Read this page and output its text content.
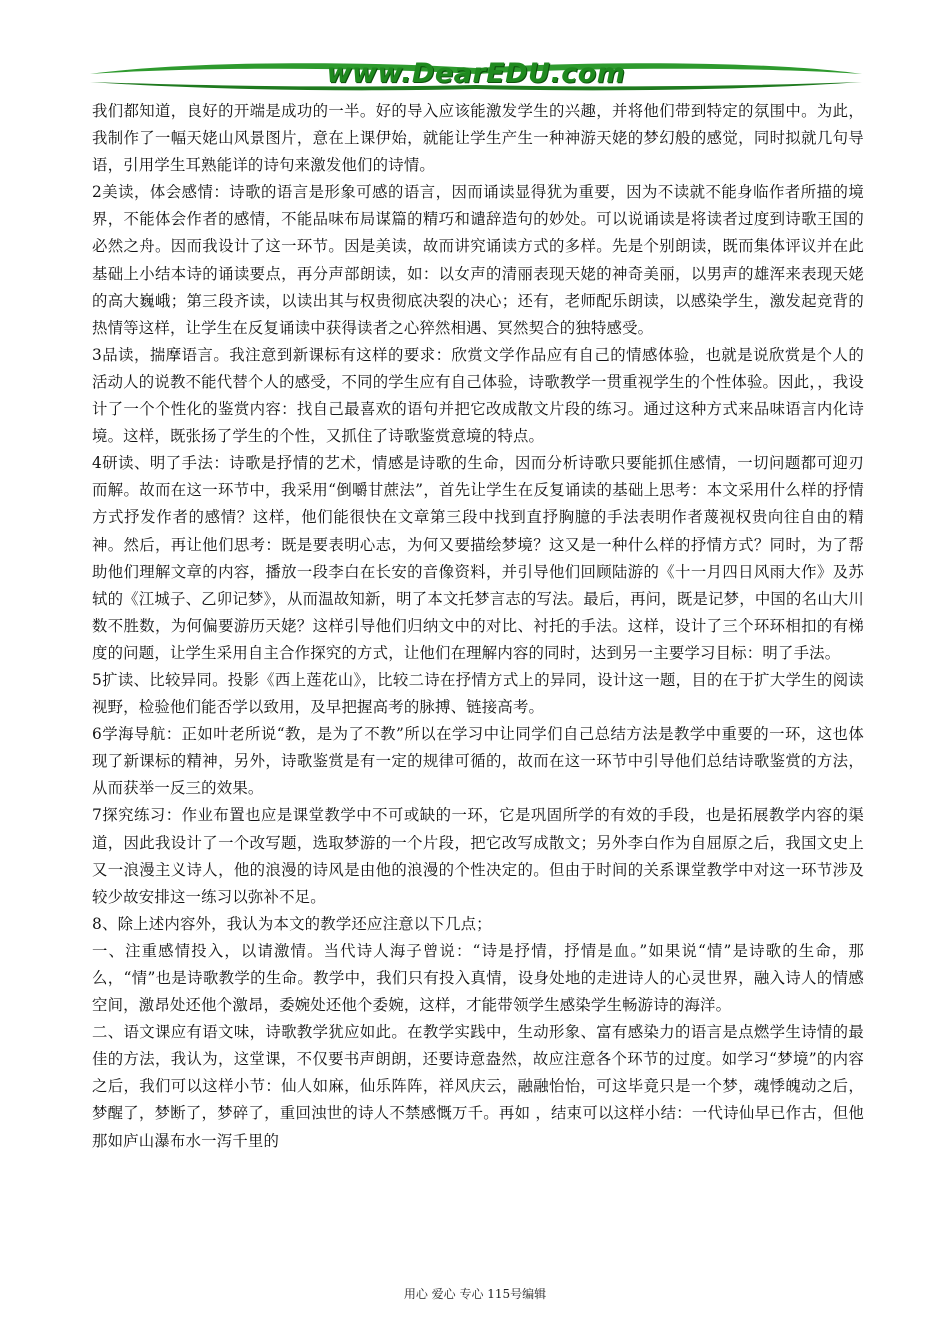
www.DearEDU.com

我们都知道，良好的开端是成功的一半。好的导入应该能激发学生的兴趣，并将他们带到特定的氛围中。为此，我制作了一幅天姥山风景图片，意在上课伊始，就能让学生产生一种神游天姥的梦幻般的感觉，同时拟就几句导语，引用学生耳熟能详的诗句来激发他们的诗情。

2美读，体会感情：诗歌的语言是形象可感的语言，因而诵读显得犹为重要，因为不读就不能身临作者所描的境界，不能体会作者的感情，不能品味布局谋篇的精巧和谴辞造句的妙处。可以说诵读是将读者过度到诗歌王国的必然之舟。因而我设计了这一环节。因是美读，故而讲究诵读方式的多样。先是个别朗读，既而集体评议并在此基础上小结本诗的诵读要点，再分声部朗读，如：以女声的清丽表现天姥的神奇美丽，以男声的雄浑来表现天姥的高大巍峨；第三段齐读，以读出其与权贵彻底决裂的决心；还有，老师配乐朗读，以感染学生，激发起竞背的热情等这样，让学生在反复诵读中获得读者之心猝然相遇、冥然契合的独特感受。

3品读，揣摩语言。我注意到新课标有这样的要求：欣赏文学作品应有自己的情感体验，也就是说欣赏是个人的活动人的说教不能代替个人的感受，不同的学生应有自己体验，诗歌教学一贯重视学生的个性体验。因此，，我设计了一个个性化的鉴赏内容：找自己最喜欢的语句并把它改成散文片段的练习。通过这种方式来品味语言内化诗境。这样，既张扬了学生的个性，又抓住了诗歌鉴赏意境的特点。

4研读、明了手法：诗歌是抒情的艺术，情感是诗歌的生命，因而分析诗歌只要能抓住感情，一切问题都可迎刃而解。故而在这一环节中，我采用“倒嚼甘蔗法”，首先让学生在反复诵读的基础上思考：本文采用什么样的抒情方式抒发作者的感情？这样，他们能很快在文章第三段中找到直抒胸臆的手法表明作者蔑视权贵向往自由的精神。然后，再让他们思考：既是要表明心志，为何又要描绘梦境？这又是一种什么样的抒情方式？同时，为了帮助他们理解文章的内容，播放一段李白在长安的音像资料，并引导他们回顾陆游的《十一月四日风雨大作》及苏轼的《江城子、乙卯记梦》，从而温故知新，明了本文托梦言志的写法。最后，再问，既是记梦，中国的名山大川数不胜数，为何偏要游历天姥？这样引导他们归纳文中的对比、衬托的手法。这样，设计了三个环环相扣的有梯度的问题，让学生采用自主合作探究的方式，让他们在理解内容的同时，达到另一主要学习目标：明了手法。

5扩读、比较异同。投影《西上莲花山》，比较二诗在抒情方式上的异同，设计这一题，目的在于扩大学生的阅读视野，检验他们能否学以致用，及早把握高考的脉搏、链接高考。

6学海导航：正如叶老所说“教，是为了不教”所以在学习中让同学们自己总结方法是教学中重要的一环，这也体现了新课标的精神，另外，诗歌鉴赏是有一定的规律可循的，故而在这一环节中引导他们总结诗歌鉴赏的方法，从而获举一反三的效果。

7探究练习：作业布置也应是课堂教学中不可或缺的一环，它是巩固所学的有效的手段，也是拓展教学内容的渠道，因此我设计了一个改写题，选取梦游的一个片段，把它改写成散文；另外李白作为自屈原之后，我国文史上又一浪漫主义诗人，他的浪漫的诗风是由他的浪漫的个性决定的。但由于时间的关系课堂教学中对这一环节涉及较少故安排这一练习以弥补不足。

8、除上述内容外，我认为本文的教学还应注意以下几点；

一、注重感情投入，以请激情。当代诗人海子曾说：“诗是抒情，抒情是血。”如果说“情”是诗歌的生命，那么，“情”也是诗歌教学的生命。教学中，我们只有投入真情，设身处地的走进诗人的心灵世界，融入诗人的情感空间，激昂处还他个激昂，委婉处还他个委婉，这样，才能带领学生感染学生畅游诗的海洋。

二、语文课应有语文味，诗歌教学犹应如此。在教学实践中，生动形象、富有感染力的语言是点燃学生诗情的最佳的方法，我认为，这堂课，不仅要书声朗朗，还要诗意盎然，故应注意各个环节的过度。如学习“梦境”的内容之后，我们可以这样小节：仙人如麻，仙乐阵阵，祥风庆云，融融怡怡，可这毕竟只是一个梦，魂悸魄动之后，梦醒了，梦断了，梦碎了，重回浊世的诗人不禁感慨万千。再如 ，结束可以这样小结：一代诗仙早已作古，但他那如庐山瀑布水一泻千里的

用心 爱心 专心 115号编辑
